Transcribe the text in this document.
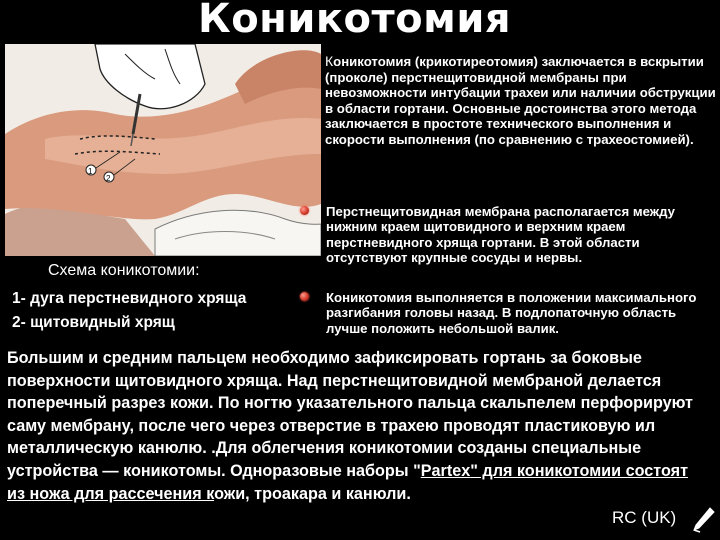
Коникотомия
1
2
Коникотомия (крикотиреотомия) заключается в вскрытии (проколе) перстнещитовидной мембраны при невозможности интубации трахеи или наличии обструкции в области гортани. Основные достоинства этого метода заключается в простоте технического выполнения и скорости выполнения (по сравнению с трахеостомией).
Перстнещитовидная мембрана располагается между нижним краем щитовидного и верхним краем перстневидного хряща гортани. В этой области отсутствуют крупные сосуды и нервы.
Схема коникотомии:
1- дуга перстневидного хряща
2- щитовидный хрящ
Коникотомия выполняется в положении максимального разгибания головы назад. В подлопаточную область лучше положить небольшой валик.
Большим и средним пальцем необходимо зафиксировать гортань за боковые поверхности щитовидного хряща. Над перстнещитовидной мембраной делается поперечный разрез кожи. По ногтю указательного пальца скальпелем перфорируют саму мембрану, после чего через отверстие в трахею проводят пластиковую ил металлическую канюлю. .Для облегчения коникотомии созданы специальные устройства — коникотомы. Одноразовые наборы "Partex" для коникотомии состоят из ножа для рассечения кожи, троакара и канюли.
RC (UK)
